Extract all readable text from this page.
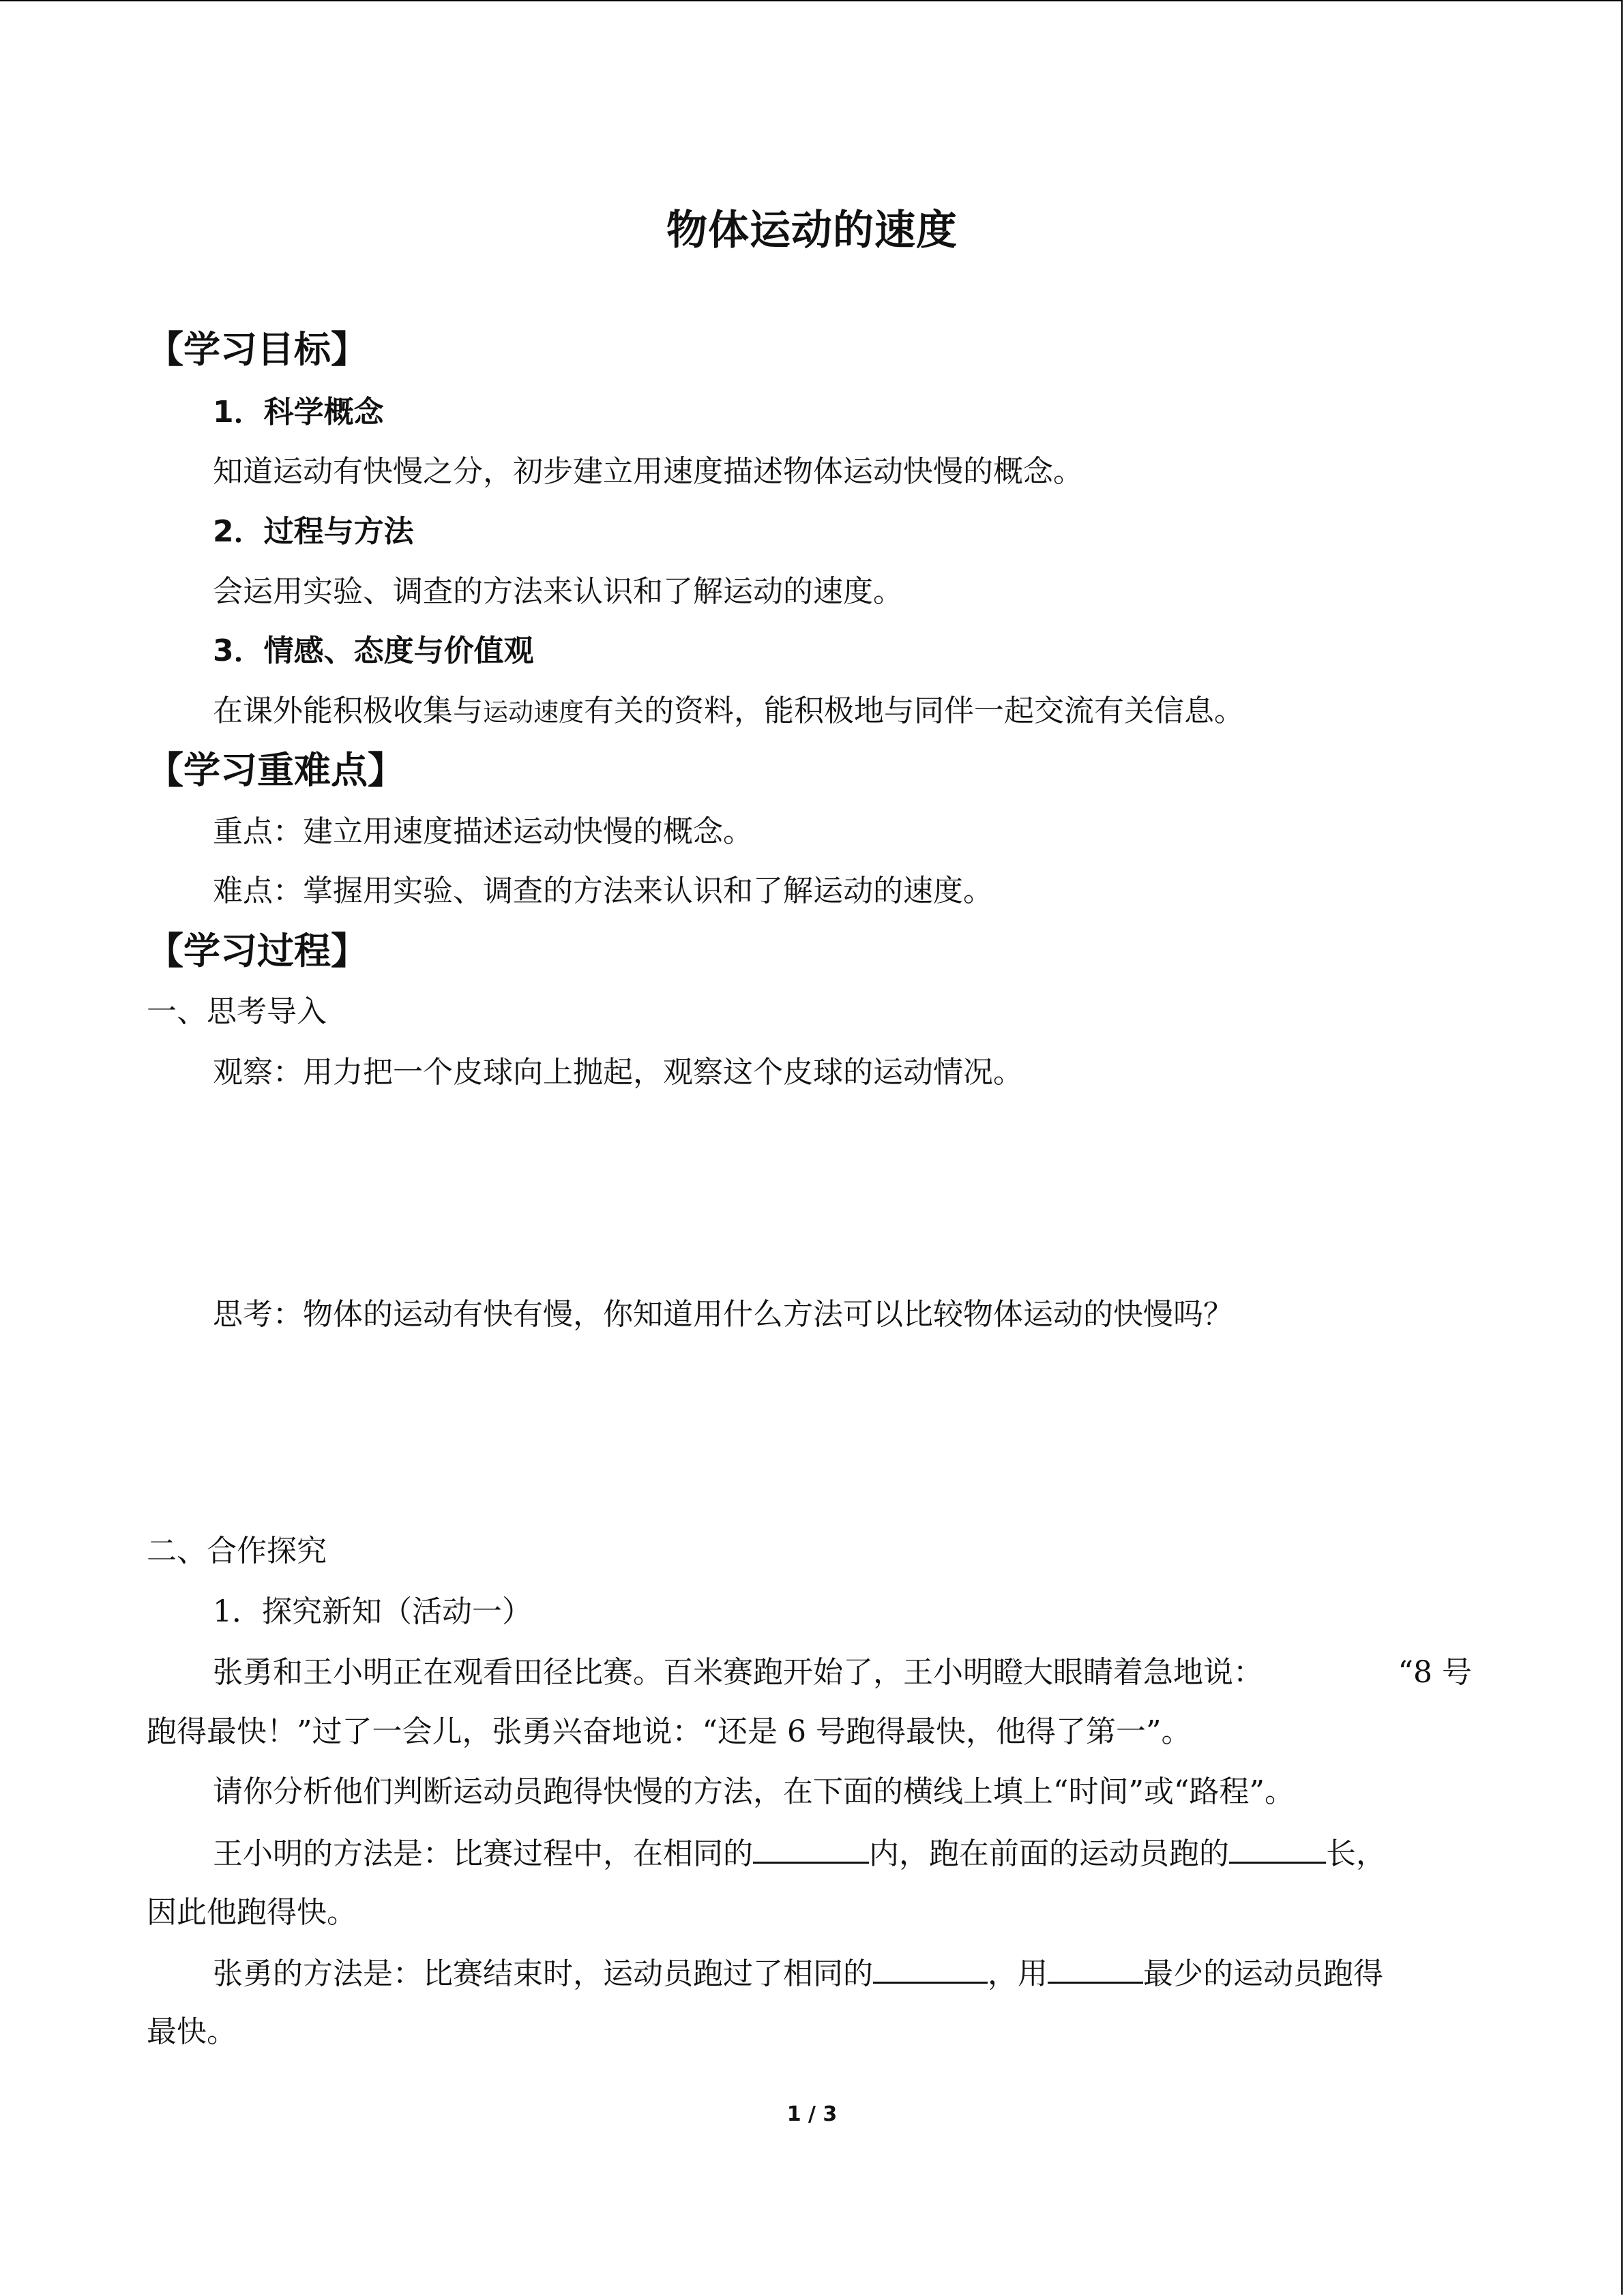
物体运动的速度
【学习目标】
1．科学概念
知道运动有快慢之分，初步建立用速度描述物体运动快慢的概念。
2．过程与方法
会运用实验、调查的方法来认识和了解运动的速度。
3．情感、态度与价值观
在课外能积极收集与运动速度有关的资料，能积极地与同伴一起交流有关信息。
【学习重难点】
重点：建立用速度描述运动快慢的概念。
难点：掌握用实验、调查的方法来认识和了解运动的速度。
【学习过程】
一、思考导入
观察：用力把一个皮球向上抛起，观察这个皮球的运动情况。
思考：物体的运动有快有慢，你知道用什么方法可以比较物体运动的快慢吗？
二、合作探究
1．探究新知（活动一）
张勇和王小明正在观看田径比赛。百米赛跑开始了，王小明瞪大眼睛着急地说：	“8 号
跑得最快！”过了一会儿，张勇兴奋地说：“还是 6 号跑得最快，他得了第一”。
请你分析他们判断运动员跑得快慢的方法，在下面的横线上填上“时间”或“路程”。
王小明的方法是：比赛过程中，在相同的	内，跑在前面的运动员跑的	长，
因此他跑得快。
张勇的方法是：比赛结束时，运动员跑过了相同的	，用	最少的运动员跑得
最快。
1 / 3
